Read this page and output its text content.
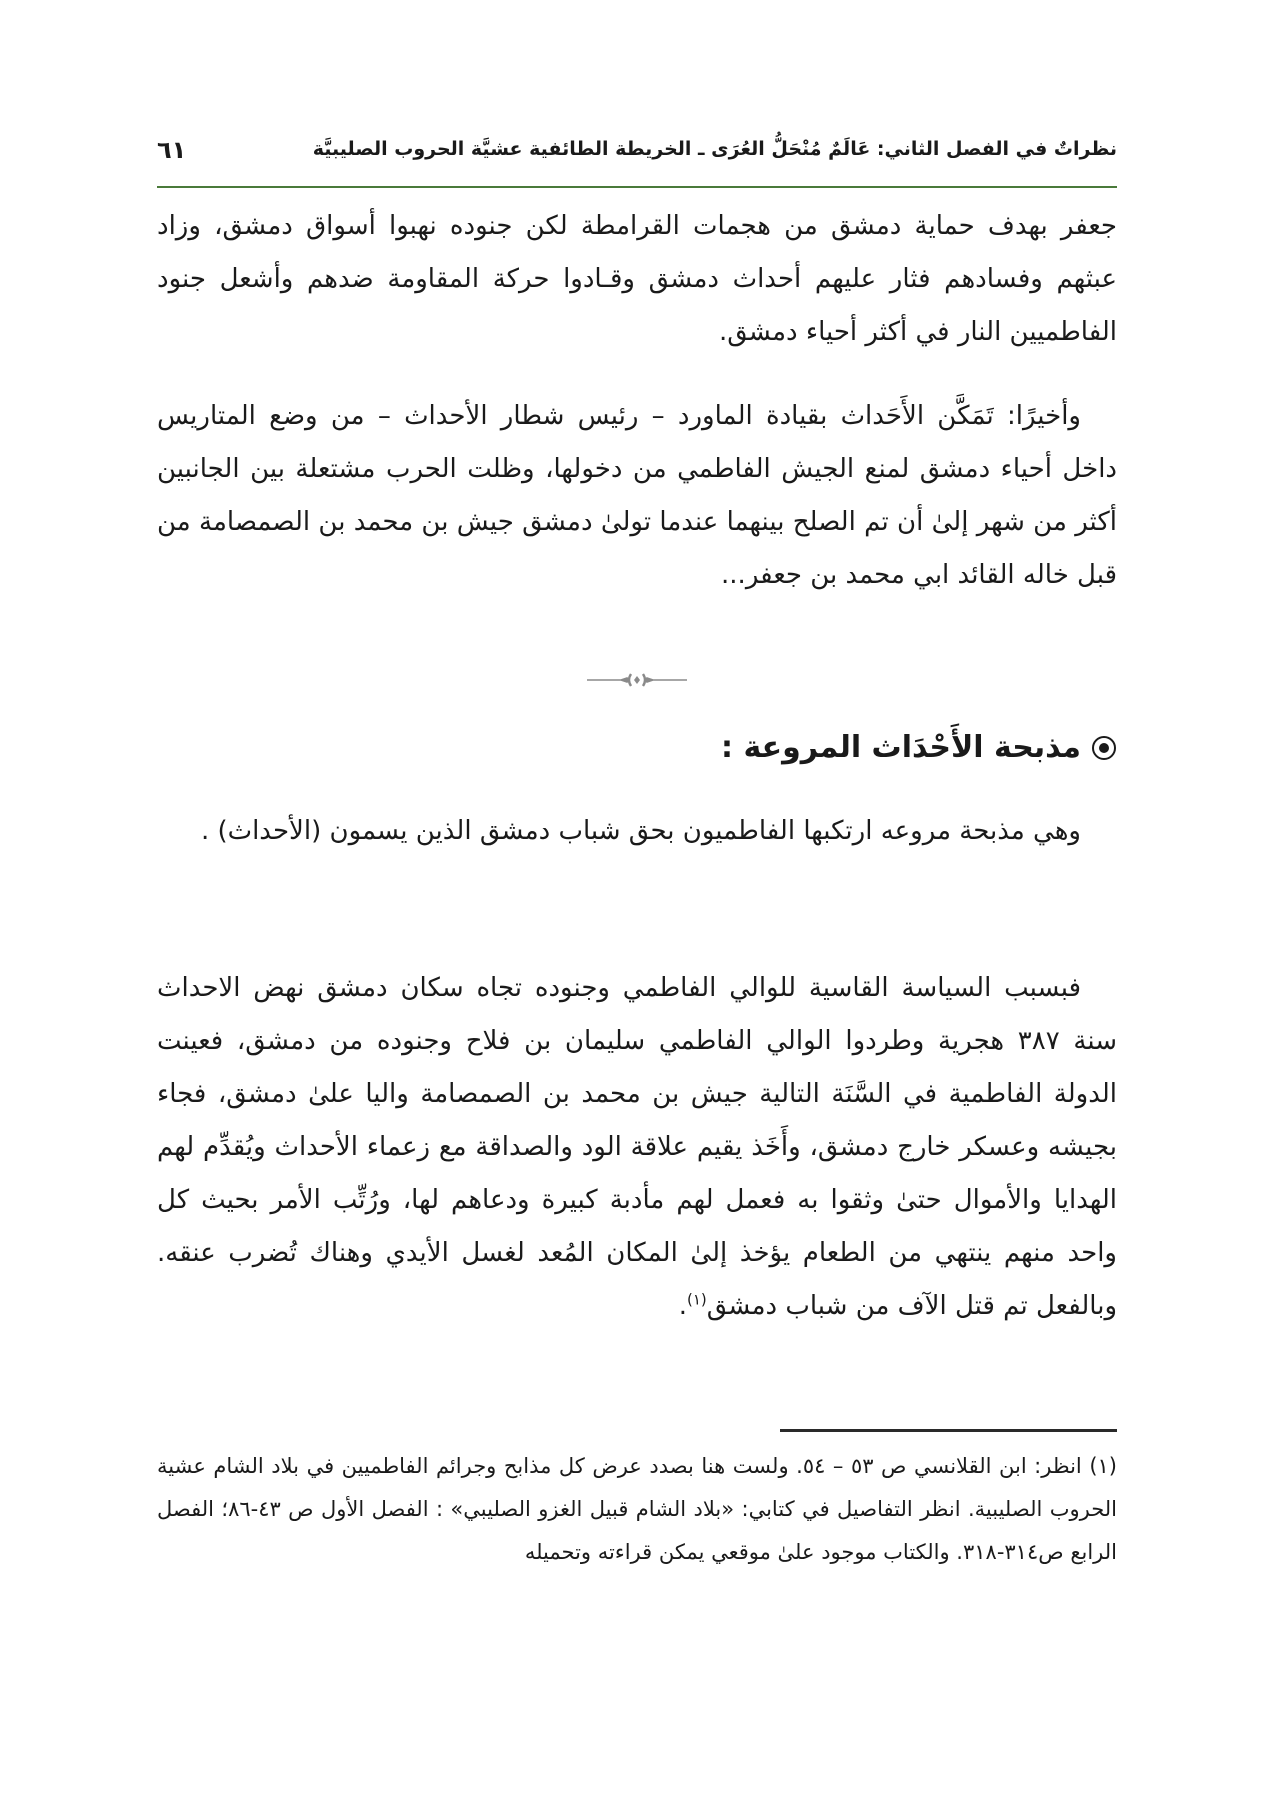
نظراتٌ في الفصل الثاني: عَالَمٌ مُنْحَلُّ العُرَى ـ الخريطة الطائفية عشيَّة الحروب الصليبيَّة
٦١

جعفر بهدف حماية دمشق من هجمات القرامطة لكن جنوده نهبوا أسواق دمشق، وزاد عبثهم وفسادهم فثار عليهم أحداث دمشق وقـادوا حركة المقاومة ضدهم وأشعل جنود الفاطميين النار في أكثر أحياء دمشق.

وأخيرًا: تَمَكَّن الأَحَداث بقيادة الماورد – رئيس شطار الأحداث – من وضع المتاريس داخل أحياء دمشق لمنع الجيش الفاطمي من دخولها، وظلت الحرب مشتعلة بين الجانبين أكثر من شهر إلىٰ أن تم الصلح بينهما عندما تولىٰ دمشق جيش بن محمد بن الصمصامة من قبل خاله القائد ابي محمد بن جعفر...

مذبحة الأَحْدَاث المروعة :

وهي مذبحة مروعه ارتكبها الفاطميون بحق شباب دمشق الذين يسمون (الأحداث) .

فبسبب السياسة القاسية للوالي الفاطمي وجنوده تجاه سكان دمشق نهض الاحداث سنة ٣٨٧ هجرية وطردوا الوالي الفاطمي سليمان بن فلاح وجنوده من دمشق، فعينت الدولة الفاطمية في السَّنَة التالية جيش بن محمد بن الصمصامة واليا علىٰ دمشق، فجاء بجيشه وعسكر خارج دمشق، وأَخَذ يقيم علاقة الود والصداقة مع زعماء الأحداث ويُقدِّم لهم الهدايا والأموال حتىٰ وثقوا به فعمل لهم مأدبة كبيرة ودعاهم لها، ورُتِّب الأمر بحيث كل واحد منهم ينتهي من الطعام يؤخذ إلىٰ المكان المُعد لغسل الأيدي وهناك تُضرب عنقه. وبالفعل تم قتل الآف من شباب دمشق$^{(١)}$.

(١) انظر: ابن القلانسي ص ٥٣ – ٥٤. ولست هنا بصدد عرض كل مذابح وجرائم الفاطميين في بلاد الشام عشية الحروب الصليبية. انظر التفاصيل في كتابي: «بلاد الشام قبيل الغزو الصليبي» : الفصل الأول ص ٤٣-٨٦؛ الفصل الرابع ص٣١٤-٣١٨. والكتاب موجود علىٰ موقعي يمكن قراءته وتحميله
